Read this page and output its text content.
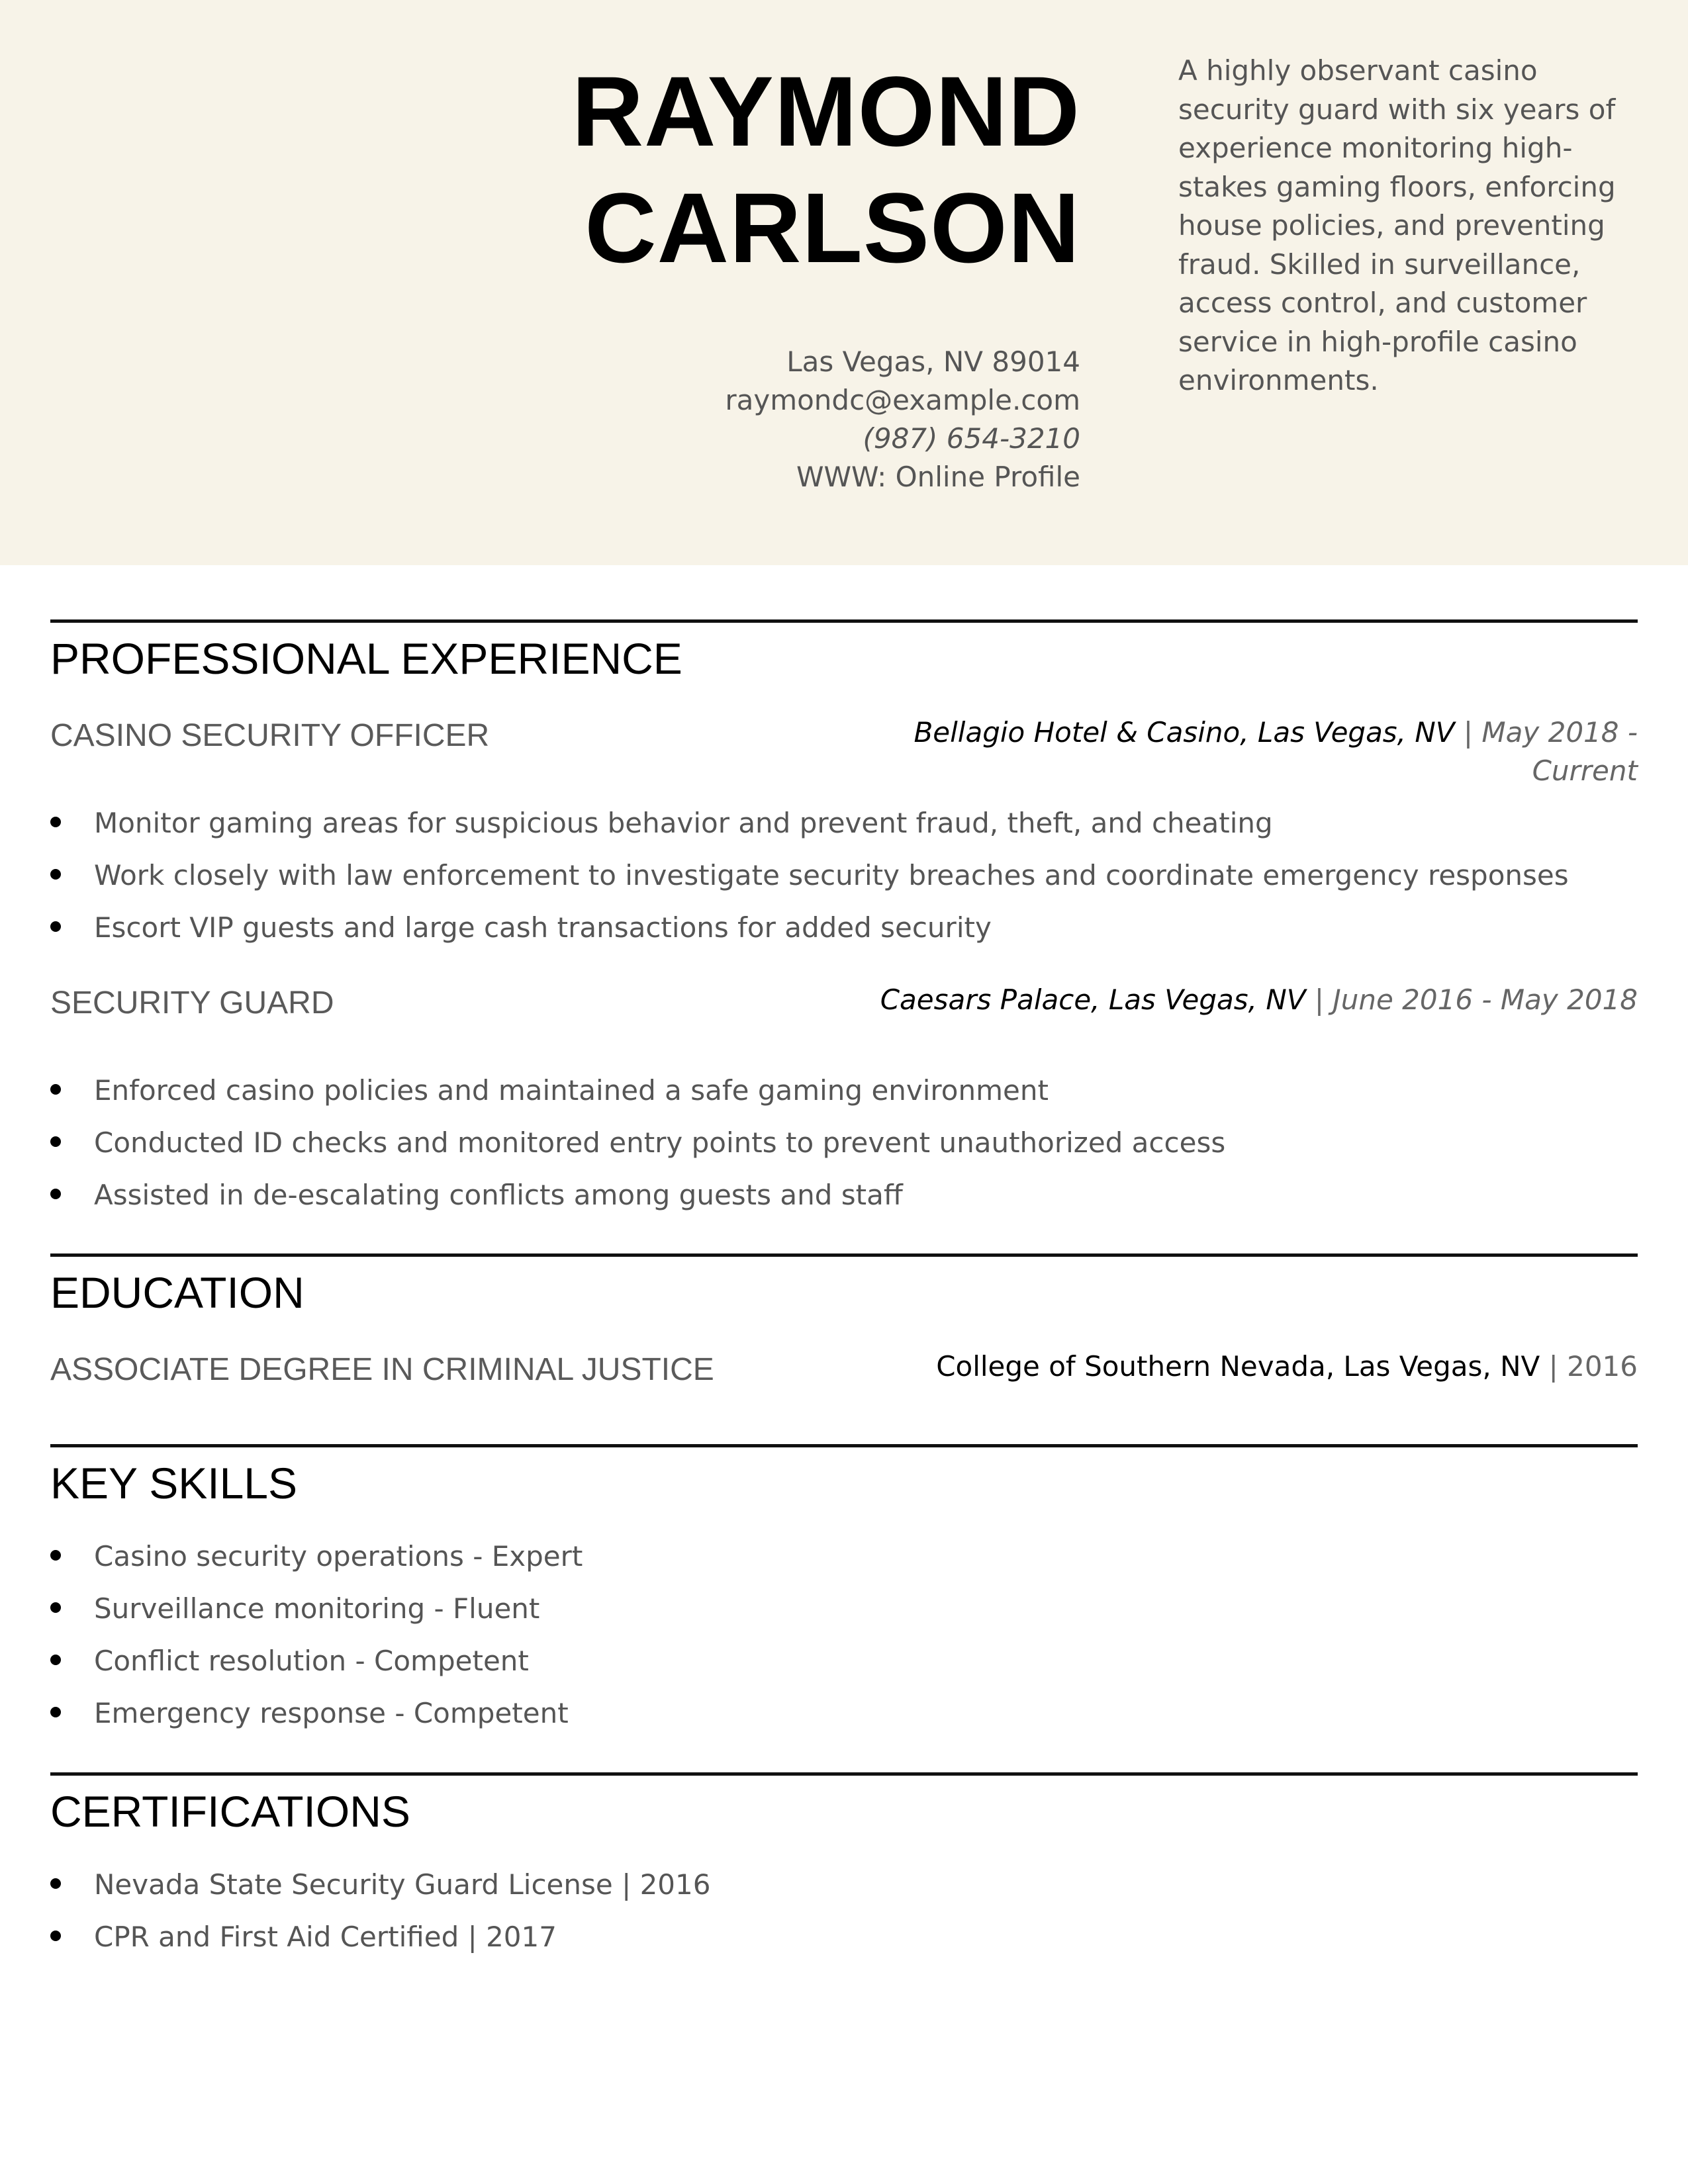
RAYMOND
CARLSON
Las Vegas, NV 89014
raymondc@example.com
(987) 654-3210
WWW: Online Profile
A highly observant casino security guard with six years of experience monitoring high-stakes gaming floors, enforcing house policies, and preventing fraud. Skilled in surveillance, access control, and customer service in high-profile casino environments.
PROFESSIONAL EXPERIENCE
CASINO SECURITY OFFICER	Bellagio Hotel & Casino, Las Vegas, NV | May 2018 - Current
Monitor gaming areas for suspicious behavior and prevent fraud, theft, and cheating
Work closely with law enforcement to investigate security breaches and coordinate emergency responses
Escort VIP guests and large cash transactions for added security
SECURITY GUARD	Caesars Palace, Las Vegas, NV | June 2016 - May 2018
Enforced casino policies and maintained a safe gaming environment
Conducted ID checks and monitored entry points to prevent unauthorized access
Assisted in de-escalating conflicts among guests and staff
EDUCATION
ASSOCIATE DEGREE IN CRIMINAL JUSTICE	College of Southern Nevada, Las Vegas, NV | 2016
KEY SKILLS
Casino security operations - Expert
Surveillance monitoring - Fluent
Conflict resolution - Competent
Emergency response - Competent
CERTIFICATIONS
Nevada State Security Guard License | 2016
CPR and First Aid Certified | 2017
